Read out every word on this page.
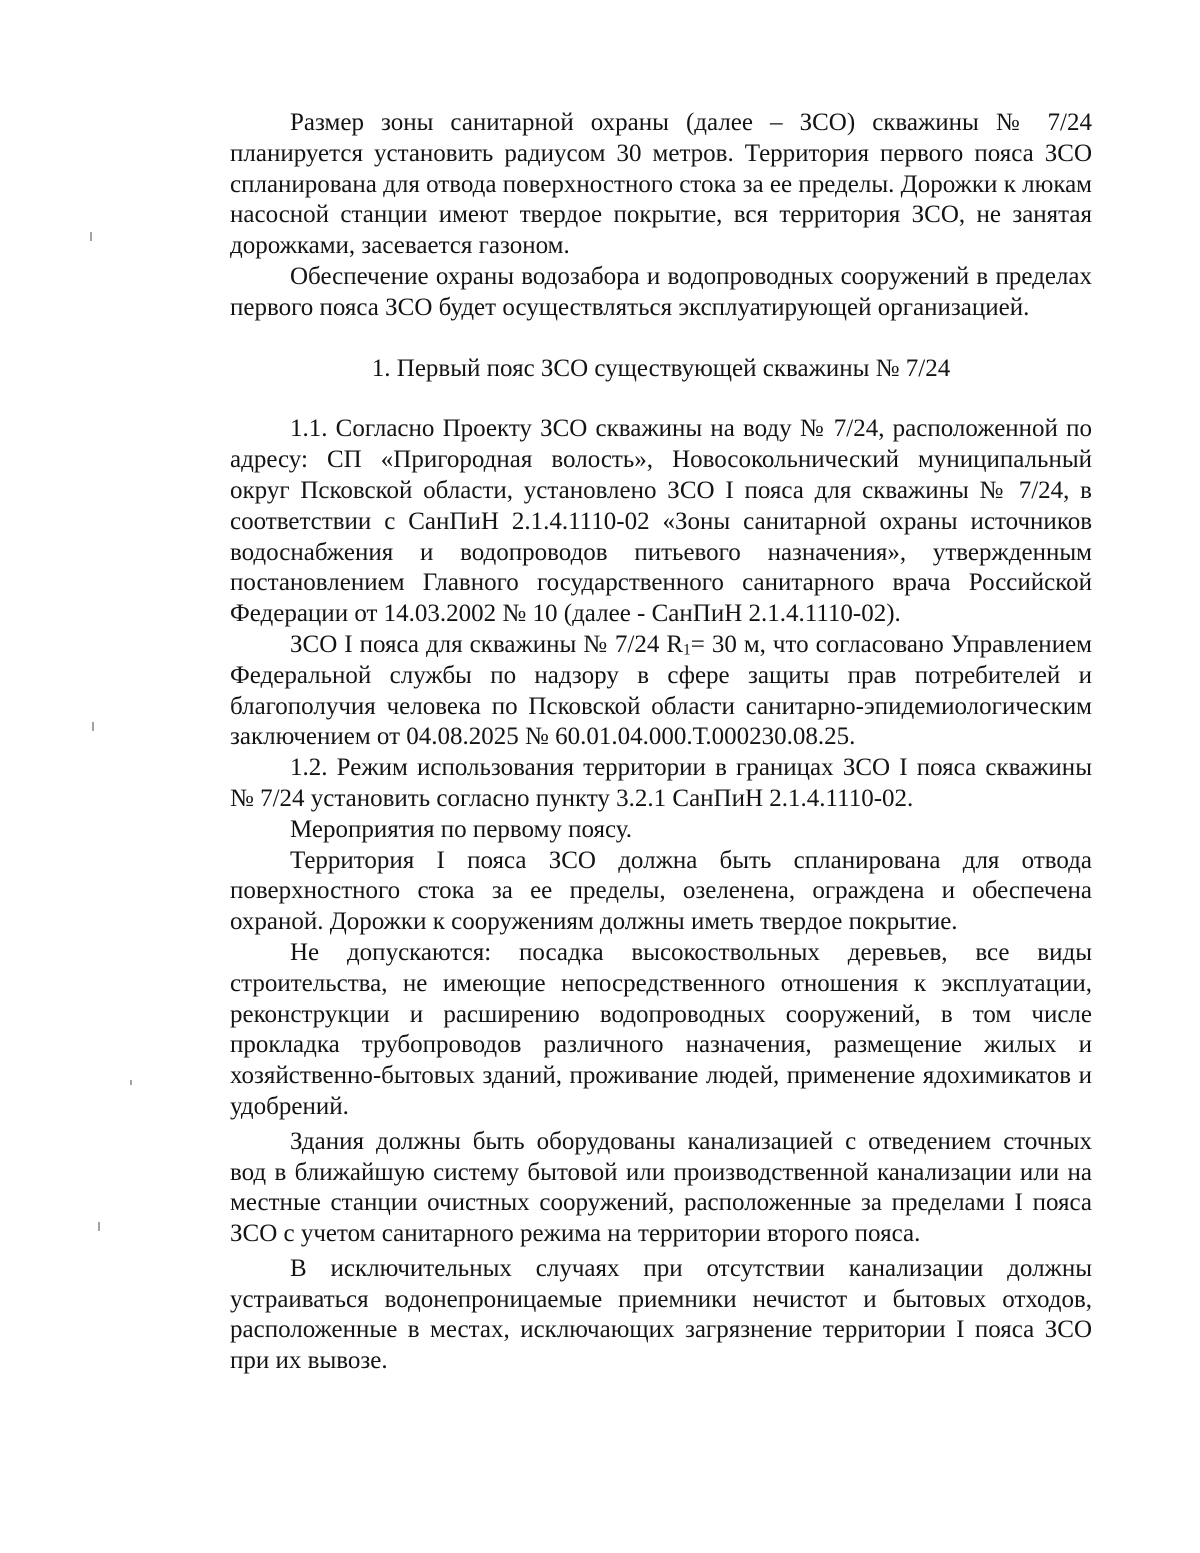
Размер зоны санитарной охраны (далее – ЗСО) скважины № 7/24 планируется установить радиусом 30 метров. Территория первого пояса ЗСО спланирована для отвода поверхностного стока за ее пределы. Дорожки к люкам насосной станции имеют твердое покрытие, вся территория ЗСО, не занятая дорожками, засевается газоном.

Обеспечение охраны водозабора и водопроводных сооружений в пределах первого пояса ЗСО будет осуществляться эксплуатирующей организацией.

1. Первый пояс ЗСО существующей скважины № 7/24

1.1. Согласно Проекту ЗСО скважины на воду № 7/24, расположенной по адресу: СП «Пригородная волость», Новосокольнический муниципальный округ Псковской области, установлено ЗСО I пояса для скважины № 7/24, в соответствии с СанПиН 2.1.4.1110-02 «Зоны санитарной охраны источников водоснабжения и водопроводов питьевого назначения», утвержденным постановлением Главного государственного санитарного врача Российской Федерации от 14.03.2002 № 10 (далее - СанПиН 2.1.4.1110-02).

ЗСО I пояса для скважины № 7/24 $R_1= 30$ м, что согласовано Управлением Федеральной службы по надзору в сфере защиты прав потребителей и благополучия человека по Псковской области санитарно-эпидемиологическим заключением от 04.08.2025 № 60.01.04.000.Т.000230.08.25.

1.2. Режим использования территории в границах ЗСО I пояса скважины № 7/24 установить согласно пункту 3.2.1 СанПиН 2.1.4.1110-02.

Мероприятия по первому поясу.

Территория I пояса ЗСО должна быть спланирована для отвода поверхностного стока за ее пределы, озеленена, ограждена и обеспечена охраной. Дорожки к сооружениям должны иметь твердое покрытие.

Не допускаются: посадка высокоствольных деревьев, все виды строительства, не имеющие непосредственного отношения к эксплуатации, реконструкции и расширению водопроводных сооружений, в том числе прокладка трубопроводов различного назначения, размещение жилых и хозяйственно-бытовых зданий, проживание людей, применение ядохимикатов и удобрений.

Здания должны быть оборудованы канализацией с отведением сточных вод в ближайшую систему бытовой или производственной канализации или на местные станции очистных сооружений, расположенные за пределами I пояса ЗСО с учетом санитарного режима на территории второго пояса.

В исключительных случаях при отсутствии канализации должны устраиваться водонепроницаемые приемники нечистот и бытовых отходов, расположенные в местах, исключающих загрязнение территории I пояса ЗСО при их вывозе.
